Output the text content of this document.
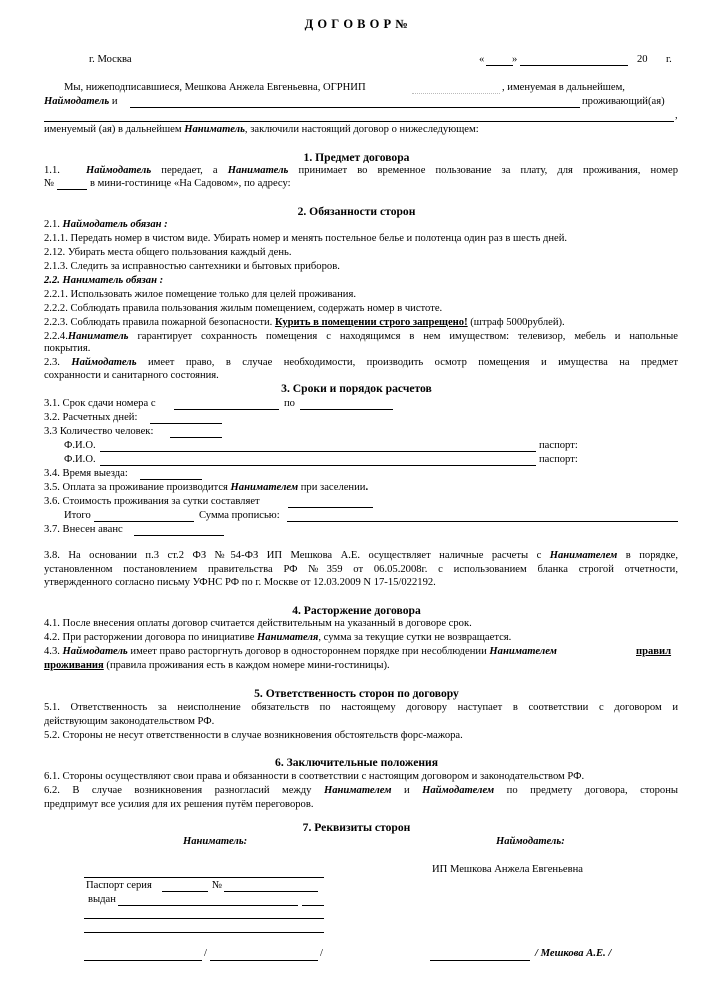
Д О Г О В О Р №
г. Москва	«	»	20 г.
Мы, нижеподписавшиеся, Мешкова Анжела Евгеньевна, ОГРНИП	, именуемая в дальнейшем,
Наймодатель и	проживающий(ая)
,
именуемый (ая) в дальнейшем Наниматель, заключили настоящий договор о нижеследующем:
1. Предмет договора
1.1. Наймодатель передает, а Наниматель принимает во временное пользование за плату, для проживания, номер
№	в мини-гостинице «На Садовом», по адресу:
2. Обязанности сторон
2.1. Наймодатель обязан :
2.1.1. Передать номер в чистом виде. Убирать номер и менять постельное белье и полотенца один раз в шесть дней.
2.12. Убирать места общего пользования каждый день.
2.1.3. Следить за исправностью сантехники и бытовых приборов.
2.2. Наниматель обязан :
2.2.1. Использовать жилое помещение только для целей проживания.
2.2.2. Соблюдать правила пользования жилым помещением, содержать номер в чистоте.
2.2.3. Соблюдать правила пожарной безопасности. Курить в помещении строго запрещено! (штраф 5000рублей).
2.2.4.Наниматель гарантирует сохранность помещения с находящимся в нем имуществом: телевизор, мебель и напольные
покрытия.
2.3. Наймодатель имеет право, в случае необходимости, производить осмотр помещения и имущества на предмет
сохранности и санитарного состояния.
3. Сроки и порядок расчетов
3.1. Срок сдачи номера с	по
3.2. Расчетных дней:
3.3 Количество человек:
Ф.И.О.	паспорт:
Ф.И.О.	паспорт:
3.4. Время выезда:
3.5. Оплата за проживание производится Нанимателем при заселении.
3.6. Стоимость проживания за сутки составляет
Итого	Сумма прописью:
3.7. Внесен аванс
3.8. На основании п.3 ст.2 ФЗ №54-ФЗ ИП Мешкова А.Е. осуществляет наличные расчеты с Нанимателем в порядке,
установленном постановлением правительства РФ №359 от 06.05.2008г. с использованием бланка строгой отчетности,
утвержденного согласно письму УФНС РФ по г. Москве от 12.03.2009 N 17-15/022192.
4. Расторжение договора
4.1. После внесения оплаты договор считается действительным на указанный в договоре срок.
4.2. При расторжении договора по инициативе Нанимателя, сумма за текущие сутки не возвращается.
4.3. Наймодатель имеет право расторгнуть договор в одностороннем порядке при несоблюдении Нанимателем	правил
проживания (правила проживания есть в каждом номере мини-гостиницы).
5. Ответственность сторон по договору
5.1. Ответственность за неисполнение обязательств по настоящему договору наступает в соответствии с договором и
действующим законодательством РФ.
5.2. Стороны не несут ответственности в случае возникновения обстоятельств форс-мажора.
6. Заключительные положения
6.1. Стороны осуществляют свои права и обязанности в соответствии с настоящим договором и законодательством РФ.
6.2. В случае возникновения разногласий между Нанимателем и Наймодателем по предмету договора, стороны
предпримут все усилия для их решения путём переговоров.
7. Реквизиты сторон
Наниматель:	Наймодатель:
ИП Мешкова Анжела Евгеньевна
Паспорт серия	№
выдан
/	/	/ Мешкова А.Е. /
